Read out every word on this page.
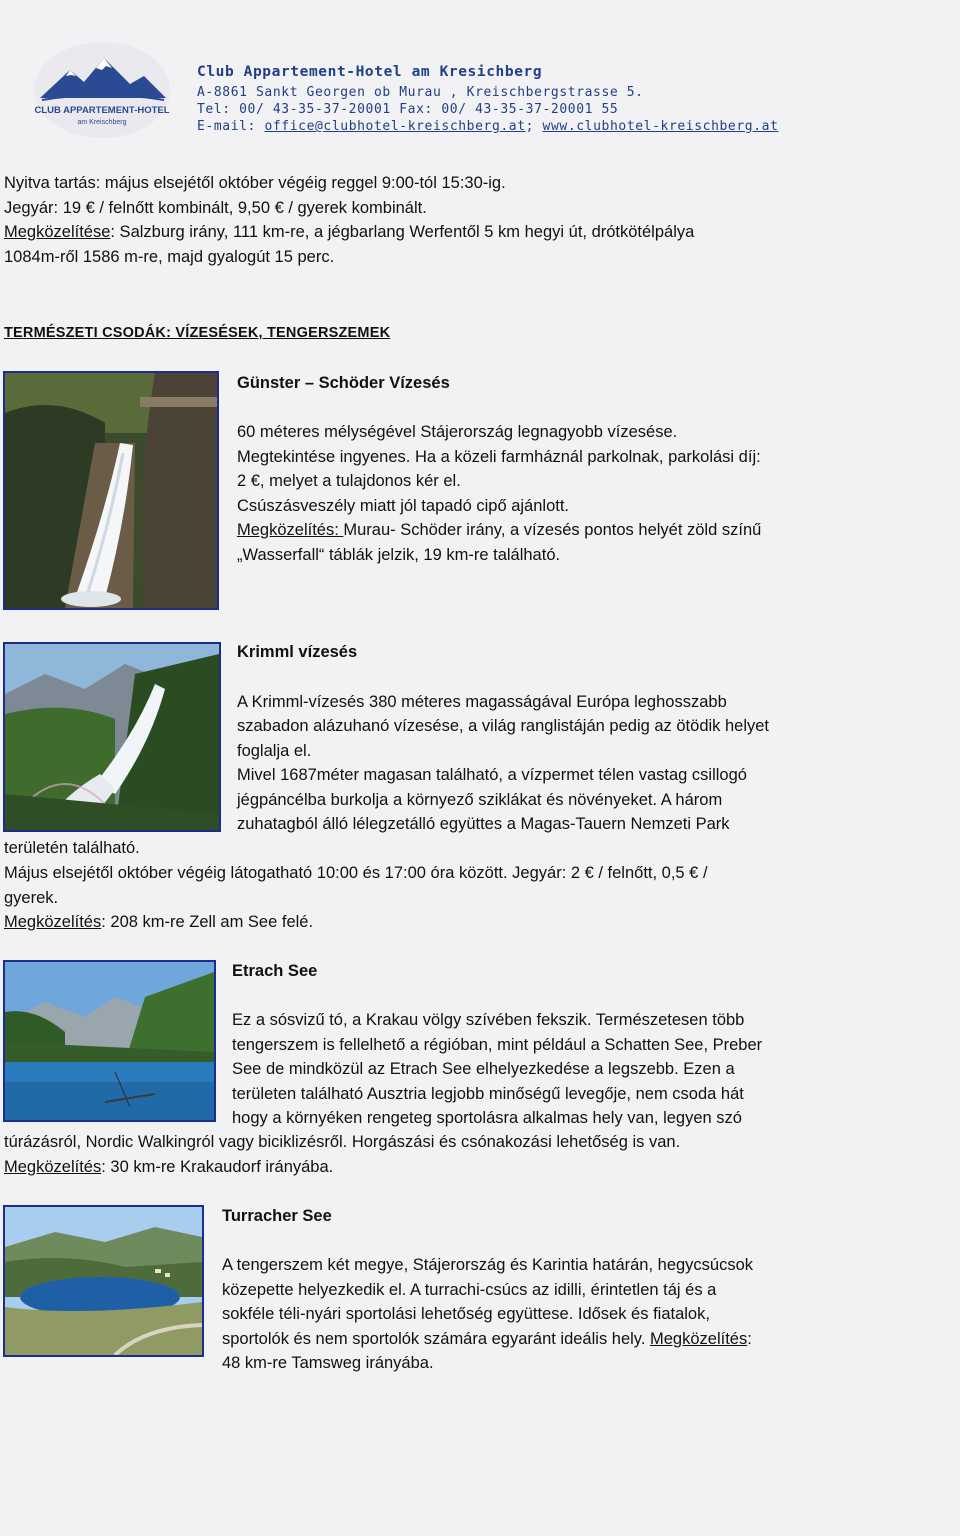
CLUB APPARTEMENT-HOTEL
am Kreischberg
Club Appartement-Hotel am Kresichberg
A-8861 Sankt Georgen ob Murau , Kreischbergstrasse 5.
Tel: 00/ 43-35-37-20001 Fax: 00/ 43-35-37-20001 55
E-mail: office@clubhotel-kreischberg.at; www.clubhotel-kreischberg.at
Nyitva tartás: május elsejétől október végéig reggel 9:00-tól 15:30-ig.
Jegyár: 19 € / felnőtt kombinált, 9,50 € / gyerek kombinált.
Megközelítése: Salzburg irány, 111 km-re, a jégbarlang Werfentől 5 km hegyi út, drótkötélpálya
1084m-ről 1586 m-re, majd gyalogút 15 perc.
TERMÉSZETI CSODÁK: VÍZESÉSEK, TENGERSZEMEK
Günster – Schöder Vízesés
60 méteres mélységével Stájerország legnagyobb vízesése.
Megtekintése ingyenes. Ha a közeli farmháznál parkolnak, parkolási díj:
2 €, melyet a tulajdonos kér el.
Csúszásveszély miatt jól tapadó cipő ajánlott.
Megközelítés: Murau- Schöder irány, a vízesés pontos helyét zöld színű
„Wasserfall“ táblák jelzik, 19 km-re található.
Krimml vízesés
A Krimml-vízesés 380 méteres magasságával Európa leghosszabb
szabadon alázuhanó vízesése, a világ ranglistáján pedig az ötödik helyet
foglalja el.
Mivel 1687méter magasan található, a vízpermet télen vastag csillogó
jégpáncélba burkolja a környező sziklákat és növényeket. A három
zuhatagból álló lélegzetálló együttes a Magas-Tauern Nemzeti Park
területén található.
Május elsejétől október végéig látogatható 10:00 és 17:00 óra között. Jegyár: 2 € / felnőtt, 0,5 € /
gyerek.
Megközelítés: 208 km-re Zell am See felé.
Etrach See
Ez a sósvizű tó, a Krakau völgy szívében fekszik. Természetesen több
tengerszem is fellelhető a régióban, mint például a Schatten See, Preber
See de mindközül az Etrach See elhelyezkedése a legszebb. Ezen a
területen található Ausztria legjobb minőségű levegője, nem csoda hát
hogy a környéken rengeteg sportolásra alkalmas hely van, legyen szó
túrázásról, Nordic Walkingról vagy biciklizésről. Horgászási és csónakozási lehetőség is van.
Megközelítés: 30 km-re Krakaudorf irányába.
Turracher See
A tengerszem két megye, Stájerország és Karintia határán, hegycsúcsok
közepette helyezkedik el. A turrachi-csúcs az idilli, érintetlen táj és a
sokféle téli-nyári sportolási lehetőség együttese. Idősek és fiatalok,
sportolók és nem sportolók számára egyaránt ideális hely. Megközelítés:
48 km-re Tamsweg irányába.
